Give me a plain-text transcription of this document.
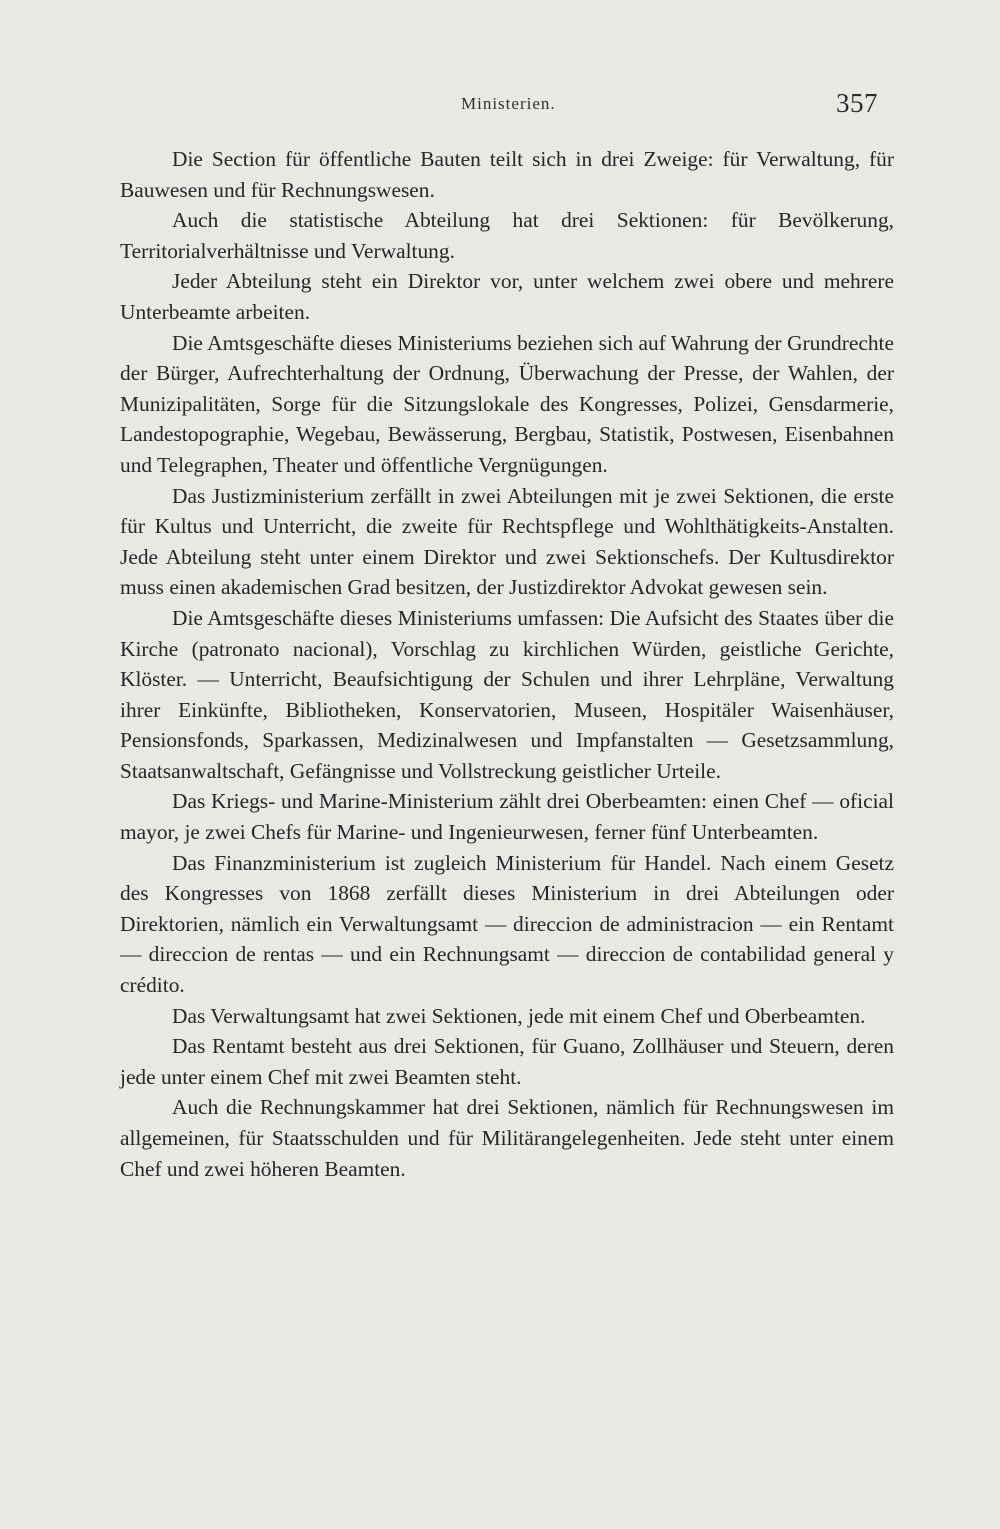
Ministerien.	357

Die Section für öffentliche Bauten teilt sich in drei Zweige: für Verwaltung, für Bauwesen und für Rechnungswesen.

Auch die statistische Abteilung hat drei Sektionen: für Bevölkerung, Territorialverhältnisse und Verwaltung.

Jeder Abteilung steht ein Direktor vor, unter welchem zwei obere und mehrere Unterbeamte arbeiten.

Die Amtsgeschäfte dieses Ministeriums beziehen sich auf Wahrung der Grundrechte der Bürger, Aufrechterhaltung der Ordnung, Überwachung der Presse, der Wahlen, der Munizipalitäten, Sorge für die Sitzungslokale des Kongresses, Polizei, Gensdarmerie, Landestopographie, Wegebau, Bewässerung, Bergbau, Statistik, Postwesen, Eisenbahnen und Telegraphen, Theater und öffentliche Vergnügungen.

Das Justizministerium zerfällt in zwei Abteilungen mit je zwei Sektionen, die erste für Kultus und Unterricht, die zweite für Rechtspflege und Wohlthätigkeits-Anstalten. Jede Abteilung steht unter einem Direktor und zwei Sektionschefs. Der Kultusdirektor muss einen akademischen Grad besitzen, der Justizdirektor Advokat gewesen sein.

Die Amtsgeschäfte dieses Ministeriums umfassen: Die Aufsicht des Staates über die Kirche (patronato nacional), Vorschlag zu kirchlichen Würden, geistliche Gerichte, Klöster. — Unterricht, Beaufsichtigung der Schulen und ihrer Lehrpläne, Verwaltung ihrer Einkünfte, Bibliotheken, Konservatorien, Museen, Hospitäler Waisenhäuser, Pensionsfonds, Sparkassen, Medizinalwesen und Impfanstalten — Gesetzsammlung, Staatsanwaltschaft, Gefängnisse und Vollstreckung geistlicher Urteile.

Das Kriegs- und Marine-Ministerium zählt drei Oberbeamten: einen Chef — oficial mayor, je zwei Chefs für Marine- und Ingenieurwesen, ferner fünf Unterbeamten.

Das Finanzministerium ist zugleich Ministerium für Handel. Nach einem Gesetz des Kongresses von 1868 zerfällt dieses Ministerium in drei Abteilungen oder Direktorien, nämlich ein Verwaltungsamt — direccion de administracion — ein Rentamt — direccion de rentas — und ein Rechnungsamt — direccion de contabilidad general y crédito.

Das Verwaltungsamt hat zwei Sektionen, jede mit einem Chef und Oberbeamten.

Das Rentamt besteht aus drei Sektionen, für Guano, Zollhäuser und Steuern, deren jede unter einem Chef mit zwei Beamten steht.

Auch die Rechnungskammer hat drei Sektionen, nämlich für Rechnungswesen im allgemeinen, für Staatsschulden und für Militärangelegenheiten. Jede steht unter einem Chef und zwei höheren Beamten.
